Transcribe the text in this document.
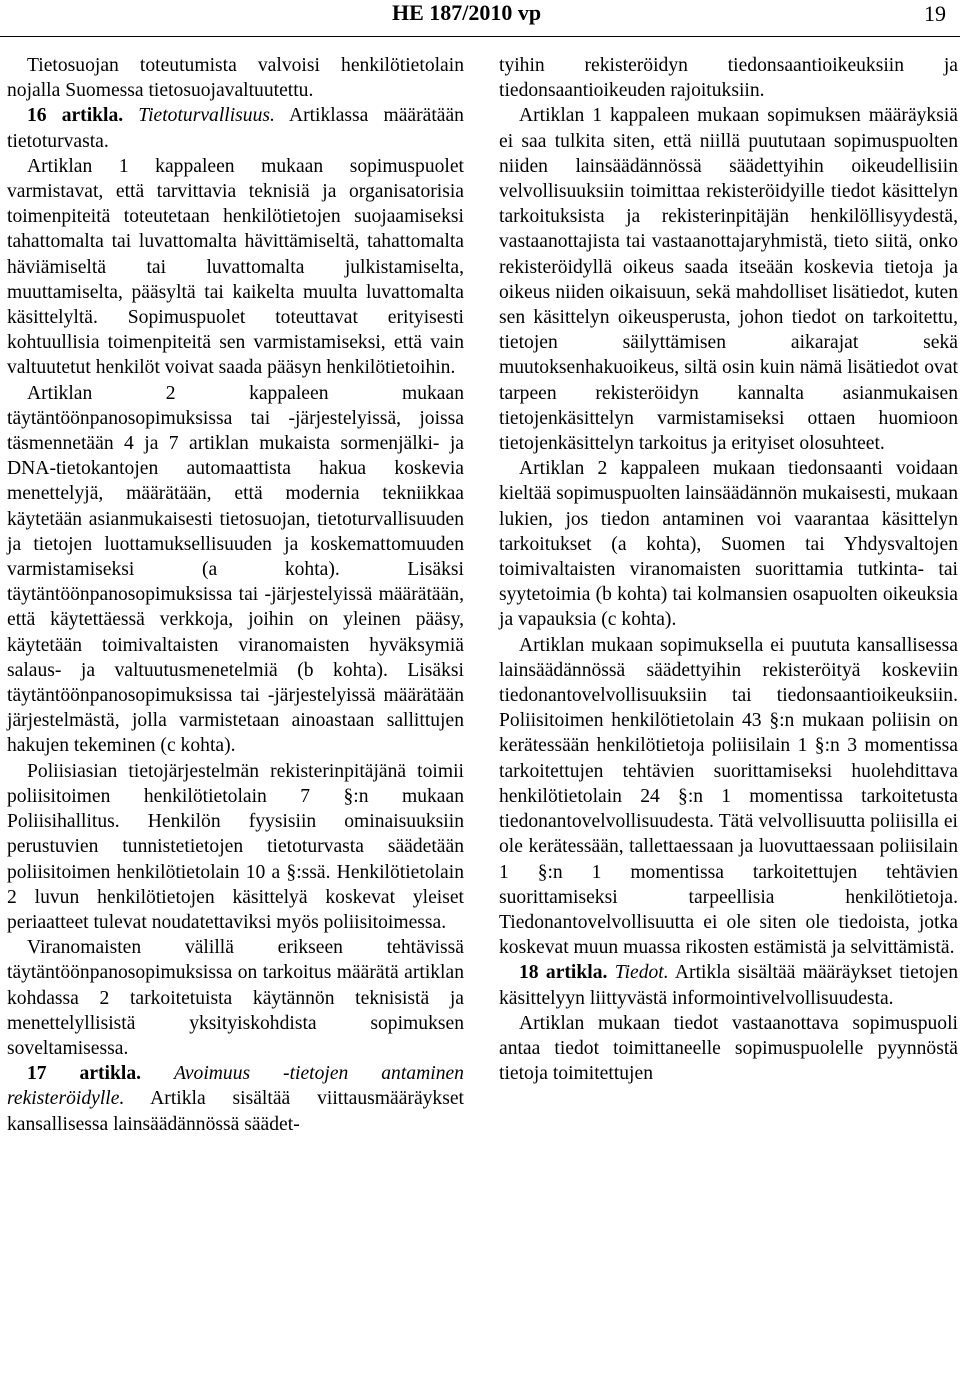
HE 187/2010 vp	19

Tietosuojan toteutumista valvoisi henkilötietolain nojalla Suomessa tietosuojavaltuutettu.

16 artikla. Tietoturvallisuus. Artiklassa määrätään tietoturvasta.

Artiklan 1 kappaleen mukaan sopimuspuolet varmistavat, että tarvittavia teknisiä ja organisatorisia toimenpiteitä toteutetaan henkilötietojen suojaamiseksi tahattomalta tai luvattomalta hävittämiseltä, tahattomalta häviämiseltä tai luvattomalta julkistamiselta, muuttamiselta, pääsyltä tai kaikelta muulta luvattomalta käsittelyltä. Sopimuspuolet toteuttavat erityisesti kohtuullisia toimenpiteitä sen varmistamiseksi, että vain valtuutetut henkilöt voivat saada pääsyn henkilötietoihin.

Artiklan 2 kappaleen mukaan täytäntöönpanosopimuksissa tai -järjestelyissä, joissa täsmennetään 4 ja 7 artiklan mukaista sormenjälki- ja DNA-tietokantojen automaattista hakua koskevia menettelyjä, määrätään, että modernia tekniikkaa käytetään asianmukaisesti tietosuojan, tietoturvallisuuden ja tietojen luottamuksellisuuden ja koskemattomuuden varmistamiseksi (a kohta). Lisäksi täytäntöönpanosopimuksissa tai -järjestelyissä määrätään, että käytettäessä verkkoja, joihin on yleinen pääsy, käytetään toimivaltaisten viranomaisten hyväksymiä salaus- ja valtuutusmenetelmiä (b kohta). Lisäksi täytäntöönpanosopimuksissa tai -järjestelyissä määrätään järjestelmästä, jolla varmistetaan ainoastaan sallittujen hakujen tekeminen (c kohta).

Poliisiasian tietojärjestelmän rekisterinpitäjänä toimii poliisitoimen henkilötietolain 7 §:n mukaan Poliisihallitus. Henkilön fyysisiin ominaisuuksiin perustuvien tunnistetietojen tietoturvasta säädetään poliisitoimen henkilötietolain 10 a §:ssä. Henkilötietolain 2 luvun henkilötietojen käsittelyä koskevat yleiset periaatteet tulevat noudatettaviksi myös poliisitoimessa.

Viranomaisten välillä erikseen tehtävissä täytäntöönpanosopimuksissa on tarkoitus määrätä artiklan kohdassa 2 tarkoitetuista käytännön teknisistä ja menettelyllisistä yksityiskohdista sopimuksen soveltamisessa.

17 artikla. Avoimuus -tietojen antaminen rekisteröidylle. Artikla sisältää viittausmääräykset kansallisessa lainsäädännössä säädet-

tyihin rekisteröidyn tiedonsaantioikeuksiin ja tiedonsaantioikeuden rajoituksiin.

Artiklan 1 kappaleen mukaan sopimuksen määräyksiä ei saa tulkita siten, että niillä puututaan sopimuspuolten niiden lainsäädännössä säädettyihin oikeudellisiin velvollisuuksiin toimittaa rekisteröidyille tiedot käsittelyn tarkoituksista ja rekisterinpitäjän henkilöllisyydestä, vastaanottajista tai vastaanottajaryhmistä, tieto siitä, onko rekisteröidyllä oikeus saada itseään koskevia tietoja ja oikeus niiden oikaisuun, sekä mahdolliset lisätiedot, kuten sen käsittelyn oikeusperusta, johon tiedot on tarkoitettu, tietojen säilyttämisen aikarajat sekä muutoksenhakuoikeus, siltä osin kuin nämä lisätiedot ovat tarpeen rekisteröidyn kannalta asianmukaisen tietojenkäsittelyn varmistamiseksi ottaen huomioon tietojenkäsittelyn tarkoitus ja erityiset olosuhteet.

Artiklan 2 kappaleen mukaan tiedonsaanti voidaan kieltää sopimuspuolten lainsäädännön mukaisesti, mukaan lukien, jos tiedon antaminen voi vaarantaa käsittelyn tarkoitukset (a kohta), Suomen tai Yhdysvaltojen toimivaltaisten viranomaisten suorittamia tutkinta- tai syytetoimia (b kohta) tai kolmansien osapuolten oikeuksia ja vapauksia (c kohta).

Artiklan mukaan sopimuksella ei puututa kansallisessa lainsäädännössä säädettyihin rekisteröityä koskeviin tiedonantovelvollisuuksiin tai tiedonsaantioikeuksiin. Poliisitoimen henkilötietolain 43 §:n mukaan poliisin on kerätessään henkilötietoja poliisilain 1 §:n 3 momentissa tarkoitettujen tehtävien suorittamiseksi huolehdittava henkilötietolain 24 §:n 1 momentissa tarkoitetusta tiedonantovelvollisuudesta. Tätä velvollisuutta poliisilla ei ole kerätessään, tallettaessaan ja luovuttaessaan poliisilain 1 §:n 1 momentissa tarkoitettujen tehtävien suorittamiseksi tarpeellisia henkilötietoja. Tiedonantovelvollisuutta ei ole siten ole tiedoista, jotka koskevat muun muassa rikosten estämistä ja selvittämistä.

18 artikla. Tiedot. Artikla sisältää määräykset tietojen käsittelyyn liittyvästä informointivelvollisuudesta.

Artiklan mukaan tiedot vastaanottava sopimuspuoli antaa tiedot toimittaneelle sopimuspuolelle pyynnöstä tietoja toimitettujen
